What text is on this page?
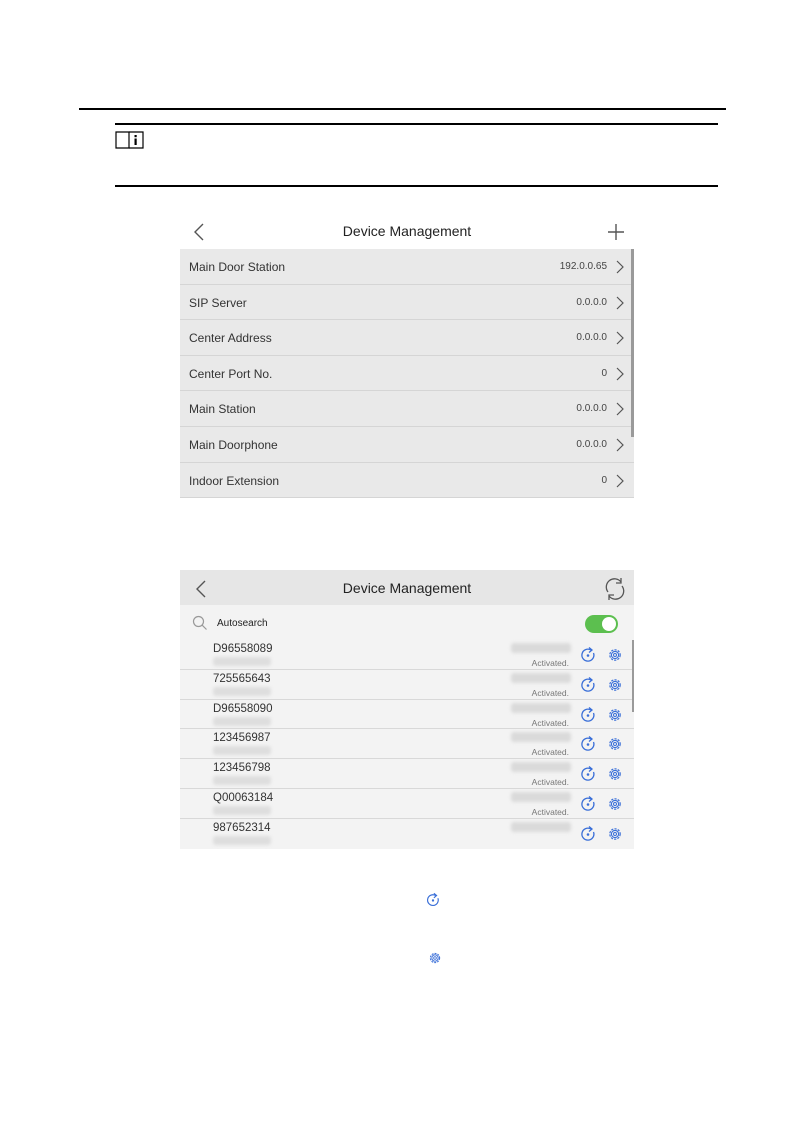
Device Management
Main Door Station	192.0.0.65
SIP Server	0.0.0.0
Center Address	0.0.0.0
Center Port No.	0
Main Station	0.0.0.0
Main Doorphone	0.0.0.0
Indoor Extension	0
Device Management
Autosearch
D96558089
Activated.
725565643
Activated.
D96558090
Activated.
123456987
Activated.
123456798
Activated.
Q00063184
Activated.
987652314
